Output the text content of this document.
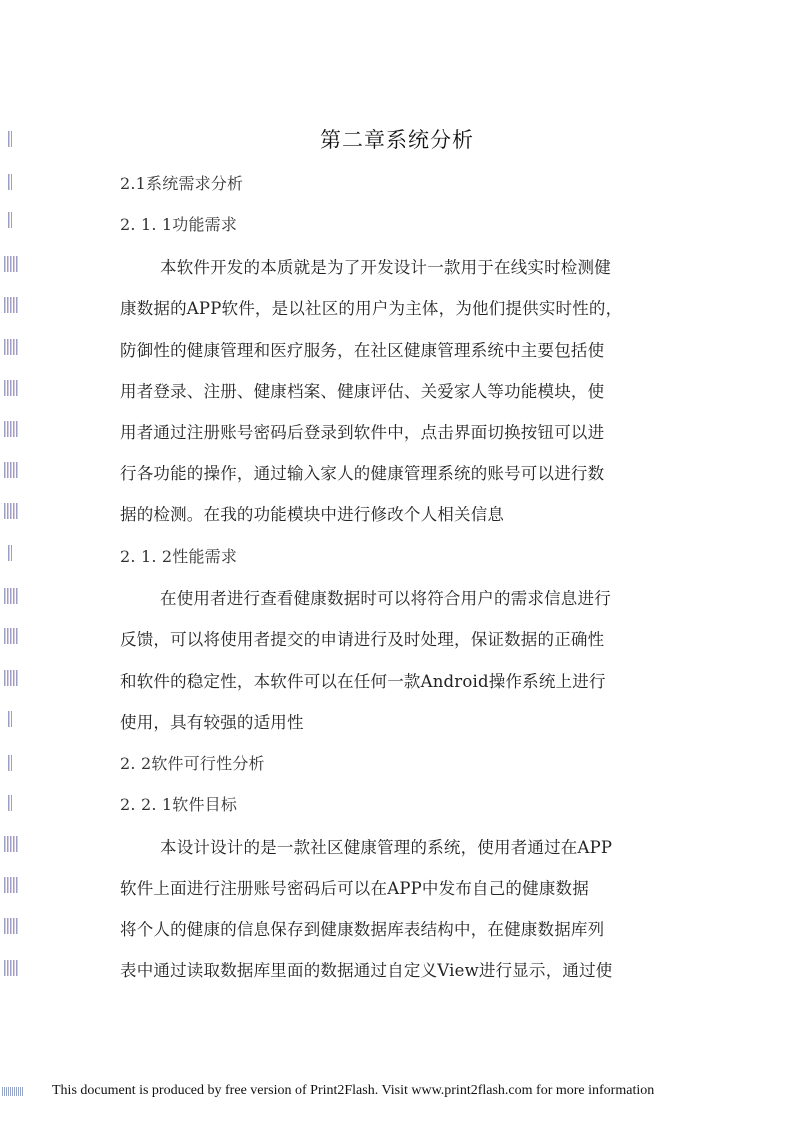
第二章系统分析
2.1系统需求分析
2. 1. 1功能需求
本软件开发的本质就是为了开发设计一款用于在线实时检测健
康数据的APP软件，是以社区的用户为主体，为他们提供实时性的，
防御性的健康管理和医疗服务，在社区健康管理系统中主要包括使
用者登录、注册、健康档案、健康评估、关爱家人等功能模块，使
用者通过注册账号密码后登录到软件中，点击界面切换按钮可以进
行各功能的操作，通过输入家人的健康管理系统的账号可以进行数
据的检测。在我的功能模块中进行修改个人相关信息
2. 1. 2性能需求
在使用者进行查看健康数据时可以将符合用户的需求信息进行
反馈，可以将使用者提交的申请进行及时处理，保证数据的正确性
和软件的稳定性，本软件可以在任何一款Android操作系统上进行
使用，具有较强的适用性
2. 2软件可行性分析
2. 2. 1软件目标
本设计设计的是一款社区健康管理的系统，使用者通过在APP
软件上面进行注册账号密码后可以在APP中发布自己的健康数据
将个人的健康的信息保存到健康数据库表结构中，在健康数据库列
表中通过读取数据库里面的数据通过自定义View进行显示，通过使
This document is produced by free version of Print2Flash. Visit www.print2flash.com for more information
